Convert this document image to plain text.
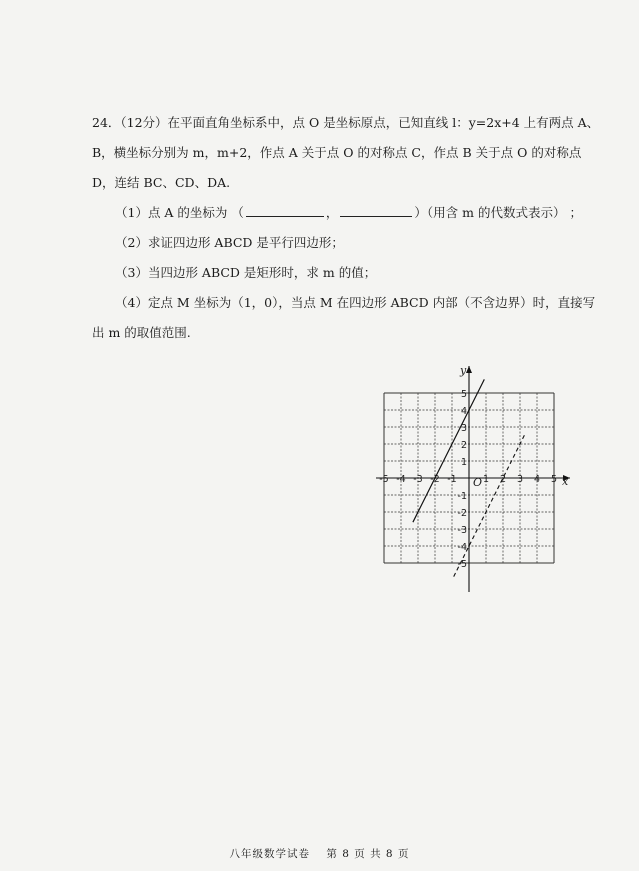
24．（12分）在平面直角坐标系中，点 O 是坐标原点，已知直线 l：y=2x+4 上有两点 A、
B，横坐标分别为 m，m+2，作点 A 关于点 O 的对称点 C，作点 B 关于点 O 的对称点
D，连结 BC、CD、DA.
（1）点 A 的坐标为 （	，	）（用含 m 的代数式表示） ；
（2）求证四边形 ABCD 是平行四边形；
（3）当四边形 ABCD 是矩形时，求 m 的值；
（4）定点 M 坐标为（1，0），当点 M 在四边形 ABCD 内部（不含边界）时，直接写
出 m 的取值范围.
-5 -4 -3 -2 -1	1 2 3 4 5
-5
-4
-3
-2
-1
1
2
3
4
5
x
y
O
八年级数学试卷 第 8 页 共 8 页
